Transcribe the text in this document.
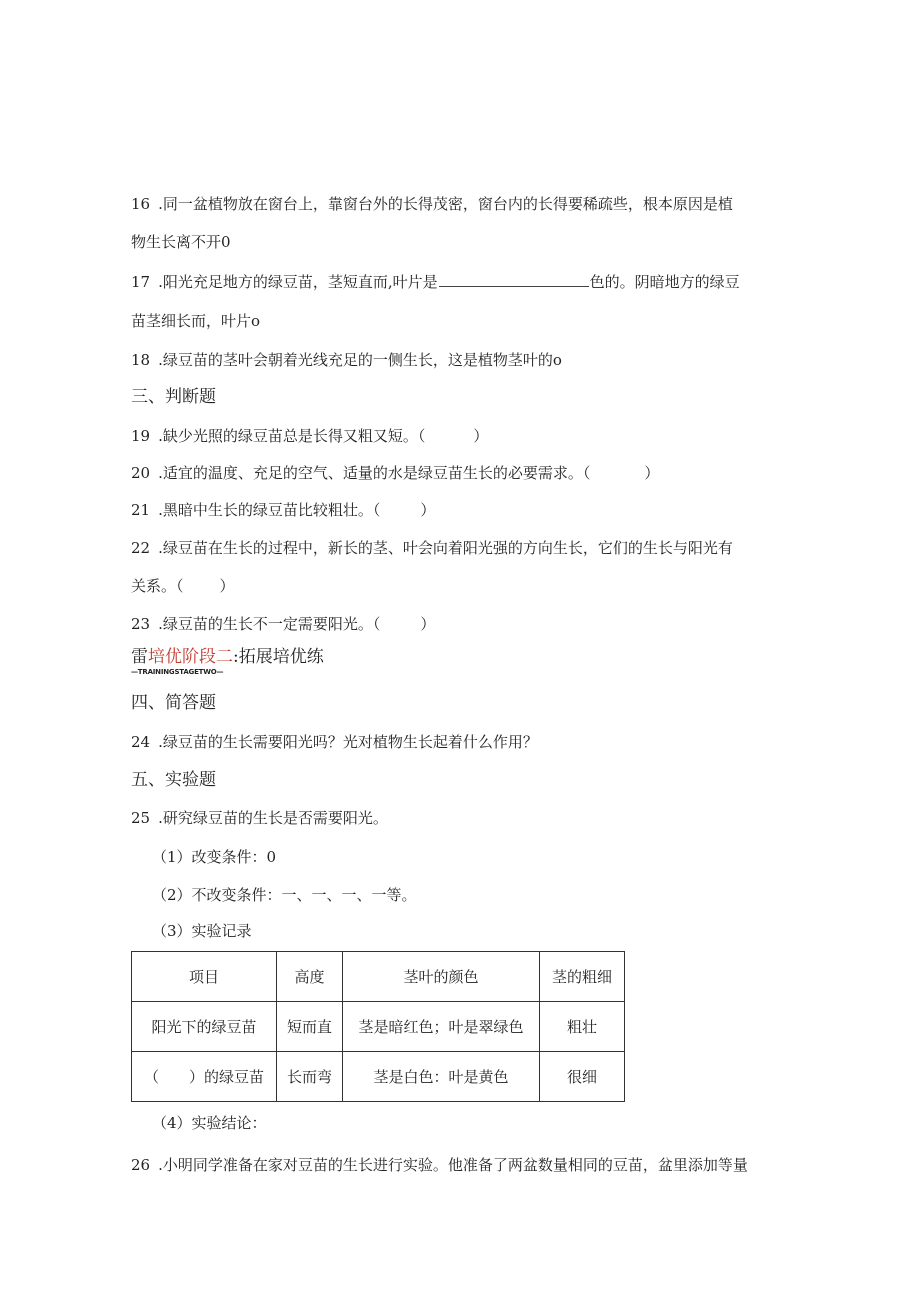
16 .同一盆植物放在窗台上，靠窗台外的长得茂密，窗台内的长得要稀疏些，根本原因是植
物生长离不开0
17 .阳光充足地方的绿豆苗，茎短直而,叶片是	色的。阴暗地方的绿豆
苗茎细长而，叶片o
18 .绿豆苗的茎叶会朝着光线充足的一侧生长，这是植物茎叶的o
三、判断题
19 .缺少光照的绿豆苗总是长得又粗又短。（	）
20 .适宜的温度、充足的空气、适量的水是绿豆苗生长的必要需求。（	）
21 .黑暗中生长的绿豆苗比较粗壮。（	）
22 .绿豆苗在生长的过程中，新长的茎、叶会向着阳光强的方向生长，它们的生长与阳光有
关系。（ ）
23 .绿豆苗的生长不一定需要阳光。（	）
雷培优阶段二:拓展培优练
—TRAININGSTAGETWO—
四、简答题
24 .绿豆苗的生长需要阳光吗？光对植物生长起着什么作用？
五、实验题
25 .研究绿豆苗的生长是否需要阳光。
（1）改变条件：0
（2）不改变条件：一、一、一、一等。
（3）实验记录
项目	高度	茎叶的颜色	茎的粗细
阳光下的绿豆苗	短而直	茎是暗红色；叶是翠绿色	粗壮
（　　）的绿豆苗	长而弯	茎是白色：叶是黄色	很细
（4）实验结论：
26 .小明同学准备在家对豆苗的生长进行实验。他准备了两盆数量相同的豆苗，盆里添加等量
